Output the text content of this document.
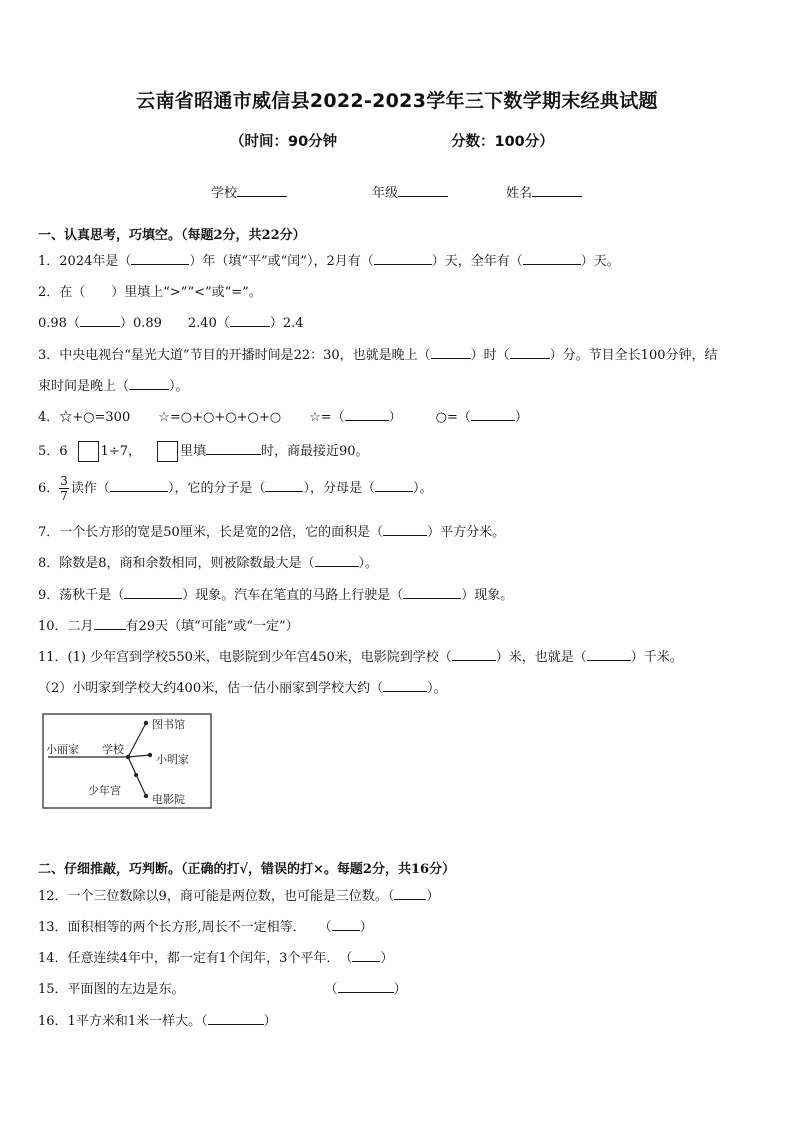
云南省昭通市威信县2022-2023学年三下数学期末经典试题
（时间：90分钟	分数：100分）
学校	年级	姓名
一、认真思考，巧填空。（每题2分，共22分）
1．2024年是（	）年（填“平”或“闰”），2月有（	）天，全年有（	）天。
2．在（　　）里填上“>”“<”或“=”。
0.98（	）0.89　　2.40（	）2.4
3．中央电视台“星光大道”节目的开播时间是22：30，也就是晚上（	）时（	）分。节目全长100分钟，结
束时间是晚上（	）。
4．☆+○=300 ☆=○+○+○+○+○ ☆=（	）	○=（	）
5．6	1÷7，	里填	时，商最接近90。
6． $\frac{3}{7}$ 读作（	），它的分子是（	），分母是（	）。
7．一个长方形的宽是50厘米，长是宽的2倍，它的面积是（	）平方分米。
8．除数是8，商和余数相同，则被除数最大是（	）。
9．荡秋千是（	）现象。汽车在笔直的马路上行驶是（	）现象。
10．二月 有29天（填“可能”或“一定”）
11．(1) 少年宫到学校550米，电影院到少年宫450米，电影院到学校（	）米，也就是（	）千米。
（2）小明家到学校大约400米，估一估小丽家到学校大约（	）。
图书馆
小丽家 学校
小明家
少年宫
电影院
二、仔细推敲，巧判断。（正确的打√，错误的打×。每题2分，共16分）
12．一个三位数除以9，商可能是两位数，也可能是三位数。（ ）
13．面积相等的两个长方形,周长不一定相等．　　（ ）
14．任意连续4年中，都一定有1个闰年，3个平年．　（ ）
15．平面图的左边是东。	（	）
16．1平方米和1米一样大。（	）
